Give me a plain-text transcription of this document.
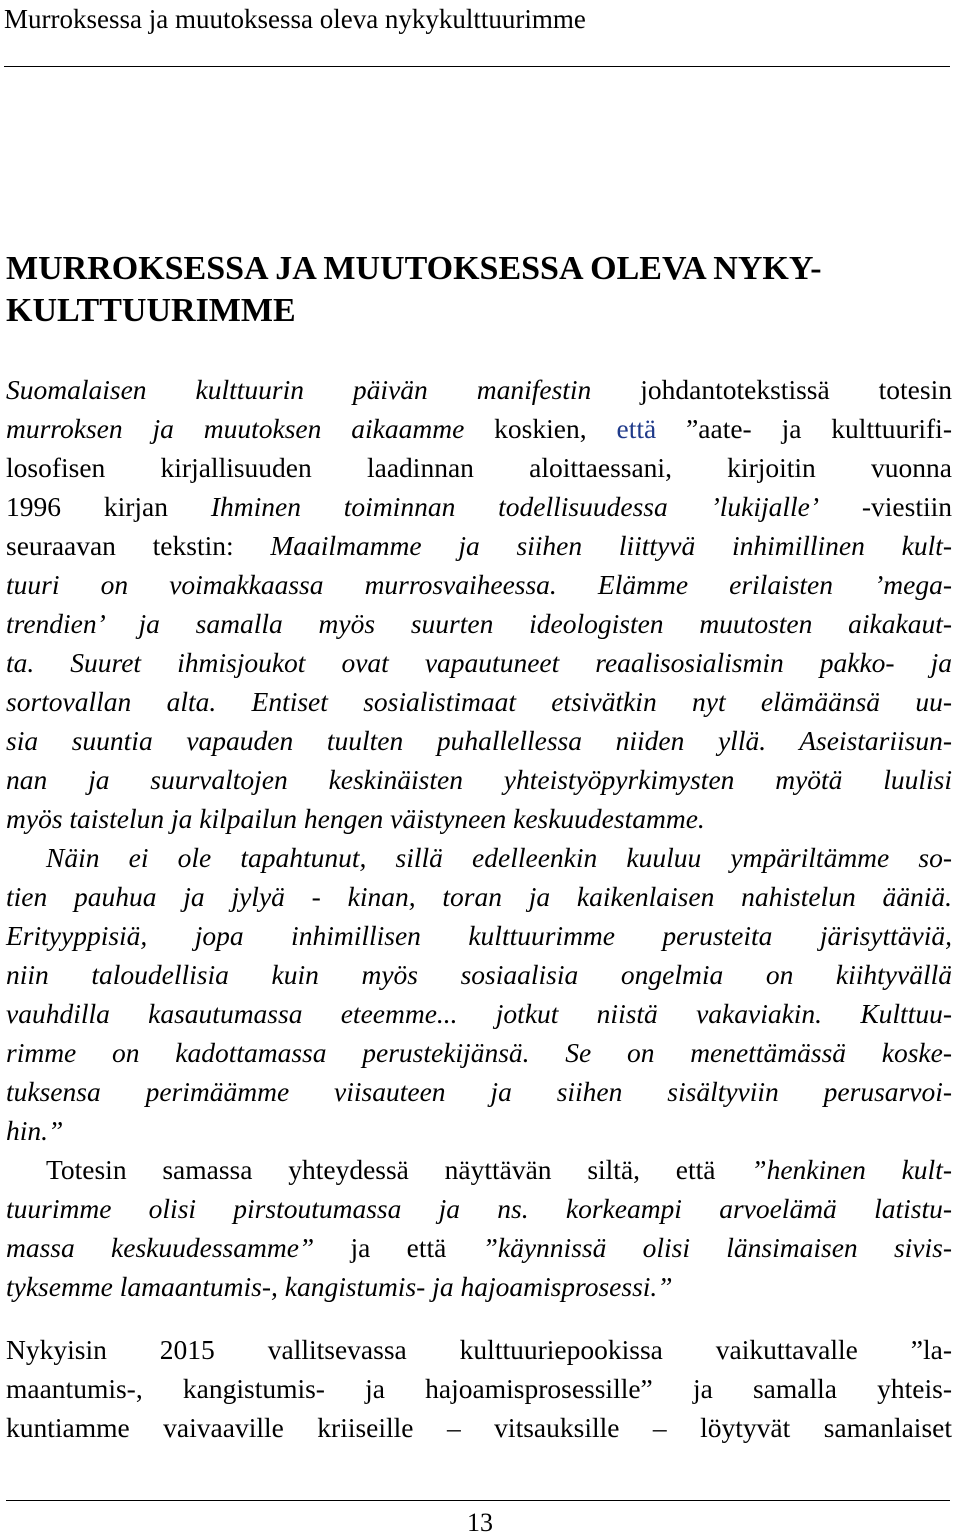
Murroksessa ja muutoksessa oleva nykykulttuurimme
MURROKSESSA JA MUUTOKSESSA OLEVA NYKY-
KULTTUURIMME
Suomalaisen kulttuurin päivän manifestin johdantotekstissä totesin
murroksen ja muutoksen aikaamme koskien, että ”aate- ja kulttuurifi-
losofisen kirjallisuuden laadinnan aloittaessani, kirjoitin vuonna
1996 kirjan Ihminen toiminnan todellisuudessa ’lukijalle’ -viestiin
seuraavan tekstin: Maailmamme ja siihen liittyvä inhimillinen kult-
tuuri on voimakkaassa murrosvaiheessa. Elämme erilaisten ’mega-
trendien’ ja samalla myös suurten ideologisten muutosten aikakaut-
ta. Suuret ihmisjoukot ovat vapautuneet reaalisosialismin pakko- ja
sortovallan alta. Entiset sosialistimaat etsivätkin nyt elämäänsä uu-
sia suuntia vapauden tuulten puhallellessa niiden yllä. Aseistariisun-
nan ja suurvaltojen keskinäisten yhteistyöpyrkimysten myötä luulisi
myös taistelun ja kilpailun hengen väistyneen keskuudestamme.
Näin ei ole tapahtunut, sillä edelleenkin kuuluu ympäriltämme so-
tien pauhua ja jylyä - kinan, toran ja kaikenlaisen nahistelun ääniä.
Erityyppisiä, jopa inhimillisen kulttuurimme perusteita järisyttäviä,
niin taloudellisia kuin myös sosiaalisia ongelmia on kiihtyvällä
vauhdilla kasautumassa eteemme... jotkut niistä vakaviakin. Kulttuu-
rimme on kadottamassa perustekijänsä. Se on menettämässä koske-
tuksensa perimäämme viisauteen ja siihen sisältyviin perusarvoi-
hin.”
Totesin samassa yhteydessä näyttävän siltä, että ”henkinen kult-
tuurimme olisi pirstoutumassa ja ns. korkeampi arvoelämä latistu-
massa keskuudessamme” ja että ”käynnissä olisi länsimaisen sivis-
tyksemme lamaantumis-, kangistumis- ja hajoamisprosessi.”
Nykyisin 2015 vallitsevassa kulttuuriepookissa vaikuttavalle ”la-
maantumis-, kangistumis- ja hajoamisprosessille” ja samalla yhteis-
kuntiamme vaivaaville kriiseille – vitsauksille – löytyvät samanlaiset
13
